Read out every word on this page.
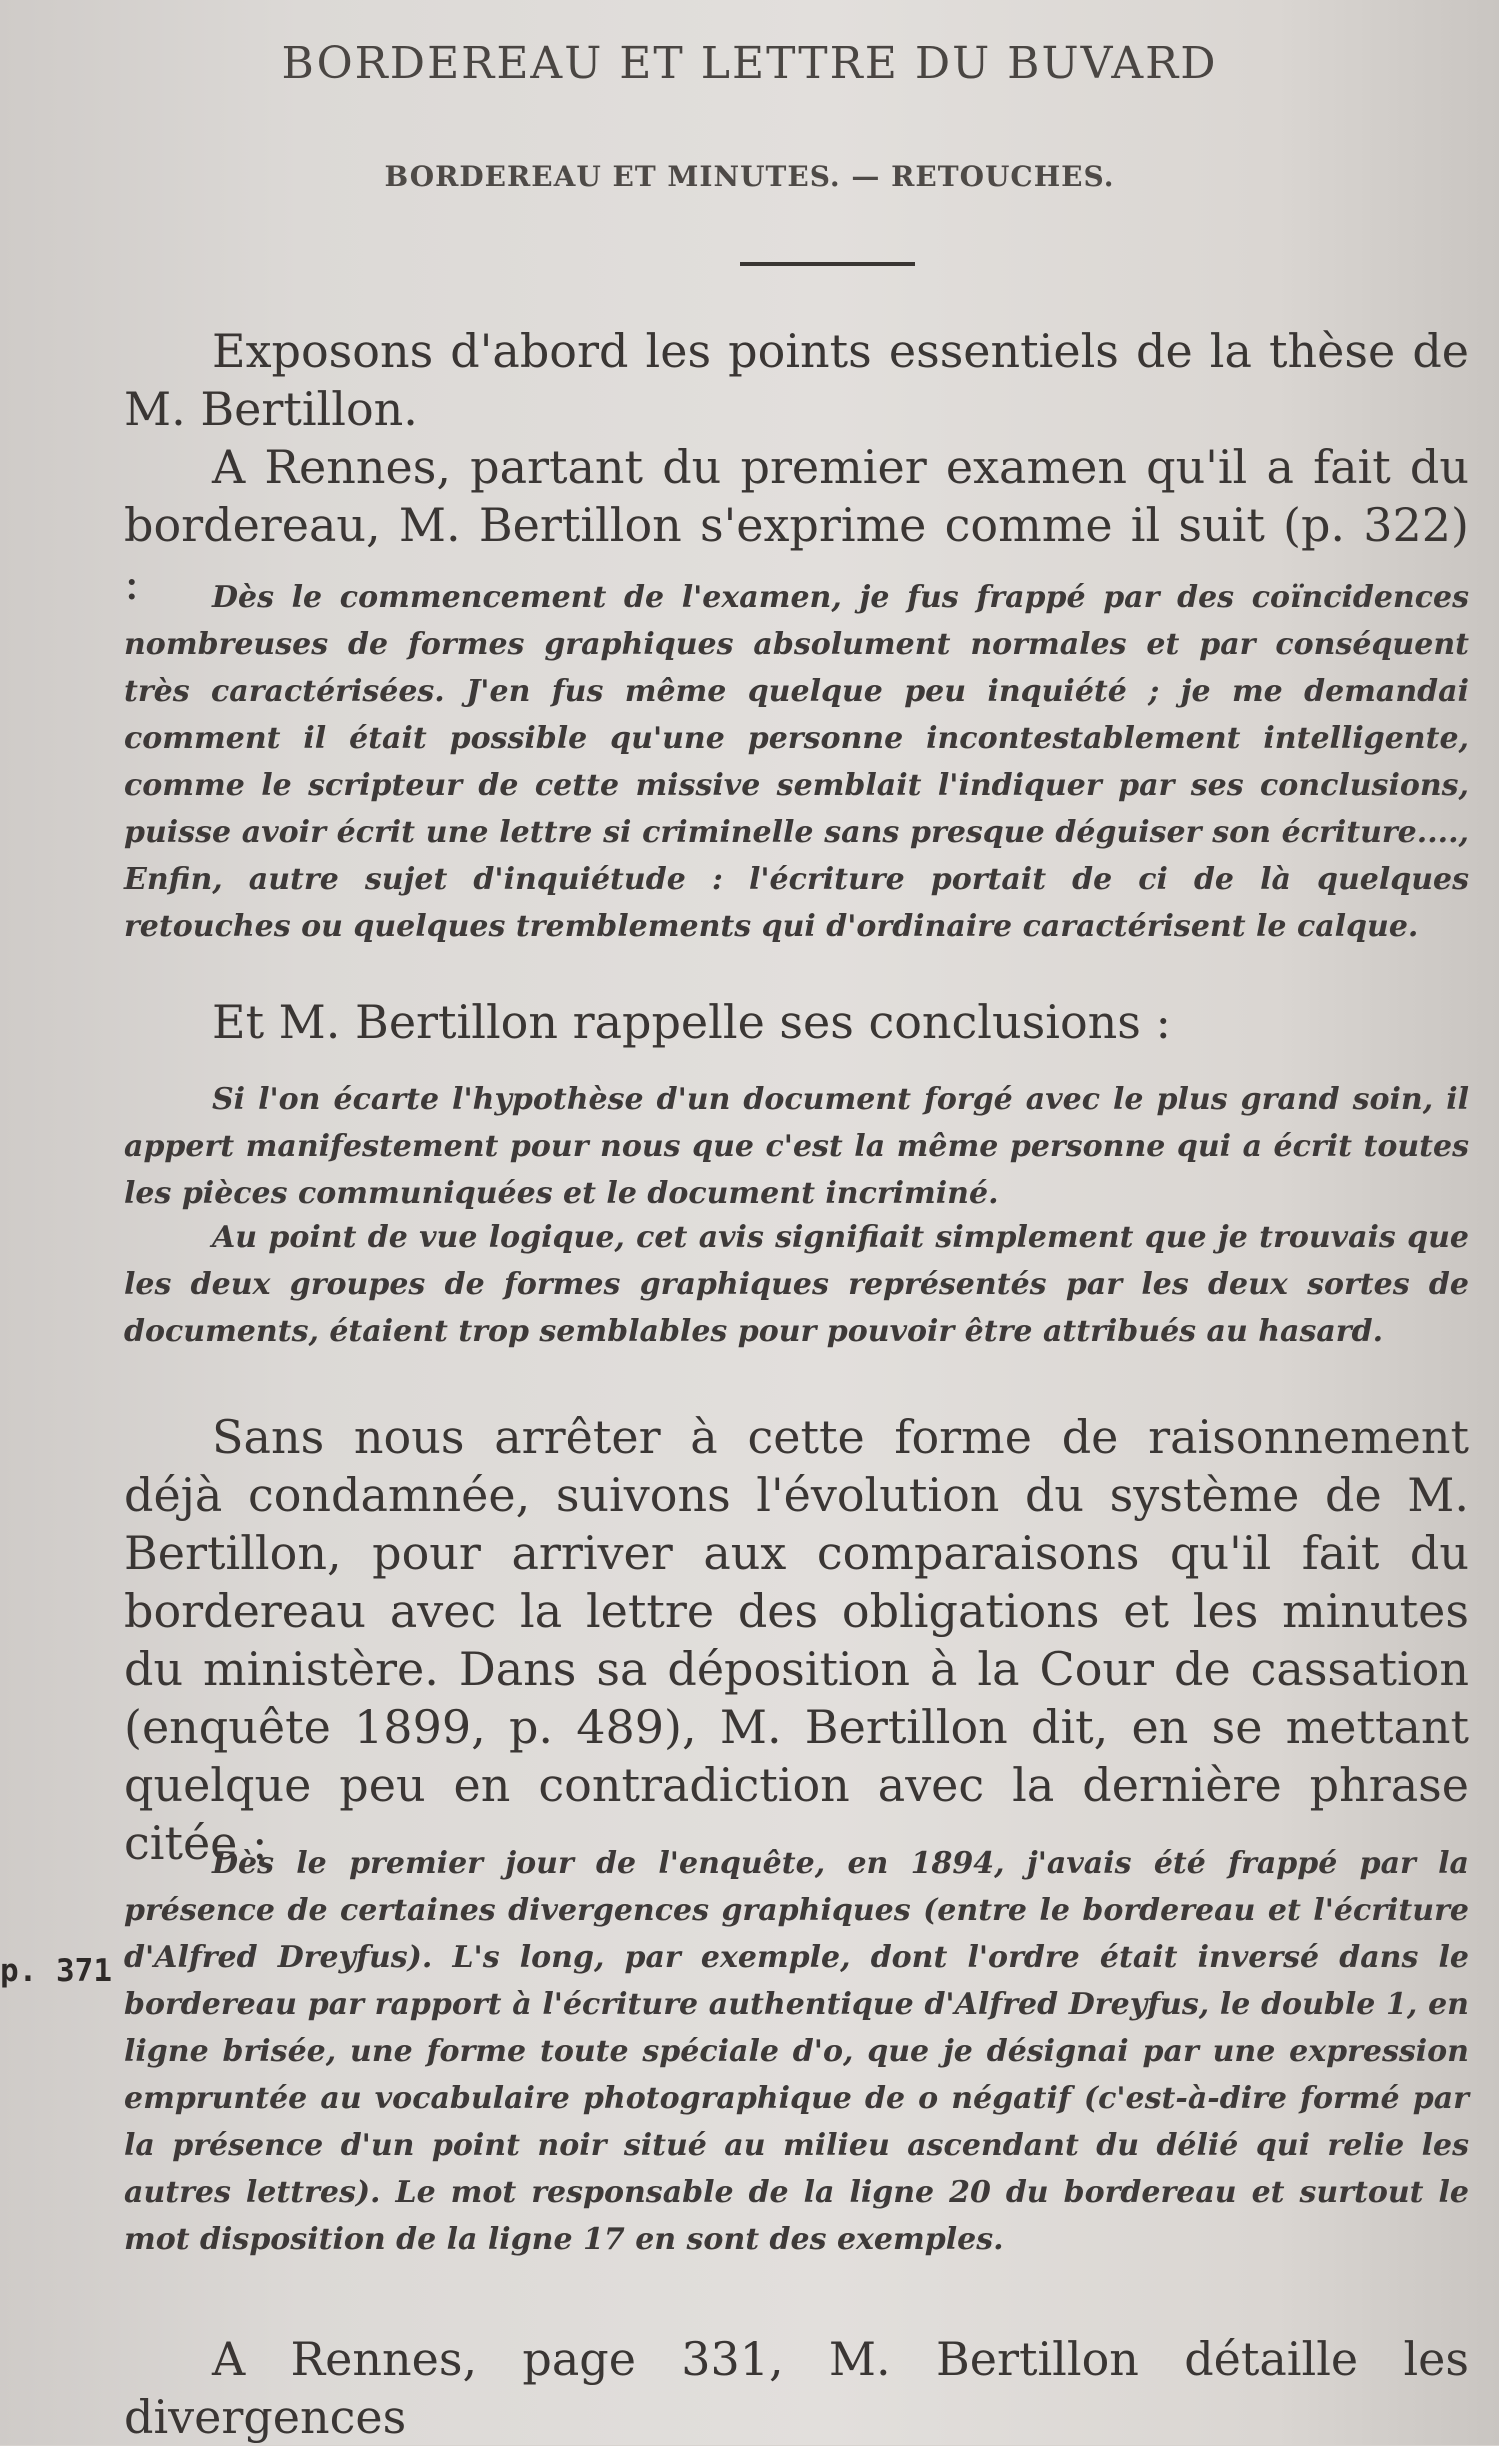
BORDEREAU ET LETTRE DU BUVARD
BORDEREAU ET MINUTES. — RETOUCHES.

Exposons d'abord les points essentiels de la thèse de M. Bertillon.

A Rennes, partant du premier examen qu'il a fait du bordereau, M. Bertillon s'exprime comme il suit (p. 322) :	Dès le commencement de l'examen, je fus frappé par des coïncidences nombreuses de formes graphiques absolument normales et par conséquent très caractérisées. J'en fus même quelque peu inquiété ; je me demandai comment il était possible qu'une personne incontestablement intelligente, comme le scripteur de cette missive semblait l'indiquer par ses conclusions, puisse avoir écrit une lettre si criminelle sans presque déguiser son écriture...., Enfin, autre sujet d'inquiétude : l'écriture portait de ci de là quelques retouches ou quelques tremblements qui d'ordinaire caractérisent le calque.

Et M. Bertillon rappelle ses conclusions :

Si l'on écarte l'hypothèse d'un document forgé avec le plus grand soin, il appert manifestement pour nous que c'est la même personne qui a écrit toutes les pièces communiquées et le document incriminé.

Au point de vue logique, cet avis signifiait simplement que je trouvais que les deux groupes de formes graphiques représentés par les deux sortes de documents, étaient trop semblables pour pouvoir être attribués au hasard.

Sans nous arrêter à cette forme de raisonnement déjà condamnée, suivons l'évolution du système de M. Bertillon, pour arriver aux comparaisons qu'il fait du bordereau avec la lettre des obligations et les minutes du ministère. Dans sa déposition à la Cour de cassation (enquête 1899, p. 489), M. Bertillon dit, en se mettant quelque peu en contradiction avec la dernière phrase citée :

p. 371

Dès le premier jour de l'enquête, en 1894, j'avais été frappé par la présence de certaines divergences graphiques (entre le bordereau et l'écriture d'Alfred Dreyfus). L's long, par exemple, dont l'ordre était inversé dans le bordereau par rapport à l'écriture authentique d'Alfred Dreyfus, le double 1, en ligne brisée, une forme toute spéciale d'o, que je désignai par une expression empruntée au vocabulaire photographique de o négatif (c'est-à-dire formé par la présence d'un point noir situé au milieu ascendant du délié qui relie les autres lettres). Le mot responsable de la ligne 20 du bordereau et surtout le mot disposition de la ligne 17 en sont des exemples.

A Rennes, page 331, M. Bertillon détaille les divergences
